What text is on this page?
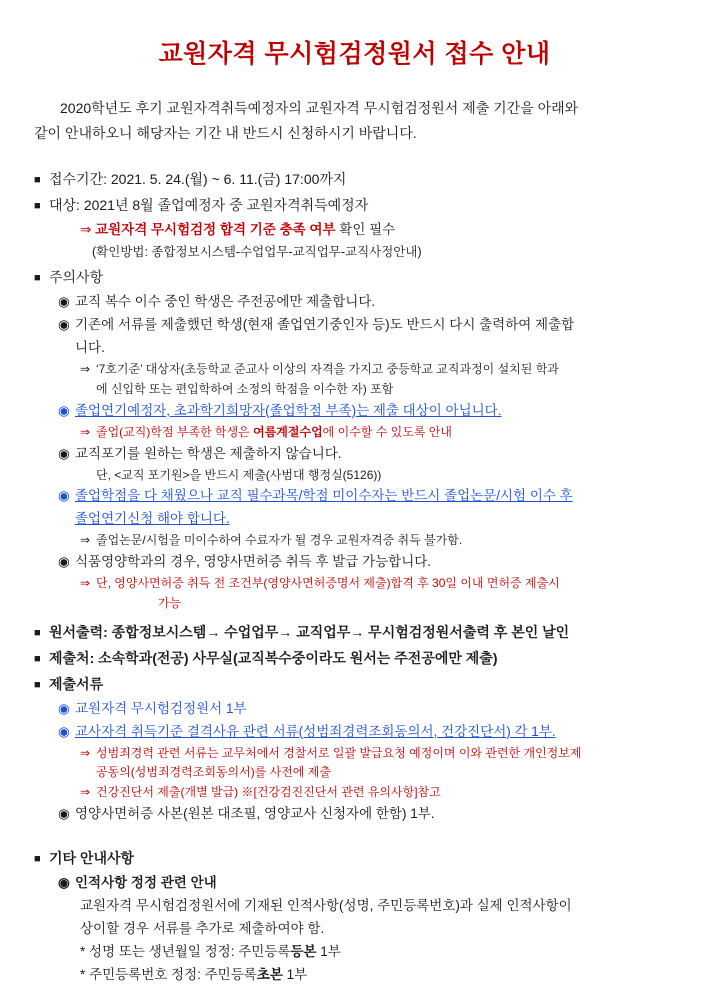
교원자격 무시험검정원서 접수 안내
2020학년도 후기 교원자격취득예정자의 교원자격 무시험검정원서 제출 기간을 아래와
같이 안내하오니 해당자는 기간 내 반드시 신청하시기 바랍니다.
■ 접수기간: 2021. 5. 24.(월) ~ 6. 11.(금) 17:00까지
■ 대상: 2021년 8월 졸업예정자 중 교원자격취득예정자
⇒ 교원자격 무시험검정 합격 기준 충족 여부 확인 필수
(확인방법: 종합정보시스템-수업업무-교직업무-교직사정안내)
■ 주의사항
◉ 교직 복수 이수 중인 학생은 주전공에만 제출합니다.
◉ 기존에 서류를 제출했던 학생(현재 졸업연기중인자 등)도 반드시 다시 출력하여 제출합
니다.
⇒ ‘7호기준’ 대상자(초등학교 준교사 이상의 자격을 가지고 중등학교 교직과정이 설치된 학과
에 신입학 또는 편입학하여 소정의 학점을 이수한 자) 포함
◉ 졸업연기예정자, 초과학기희망자(졸업학점 부족)는 제출 대상이 아닙니다.
⇒ 졸업(교직)학점 부족한 학생은 여름계절수업에 이수할 수 있도록 안내
◉ 교직포기를 원하는 학생은 제출하지 않습니다.
단, <교직 포기원>을 반드시 제출(사범대 행정실(5126))
◉ 졸업학점을 다 채웠으나 교직 필수과목/학점 미이수자는 반드시 졸업논문/시험 이수 후
졸업연기신청 해야 합니다.
⇒ 졸업논문/시험을 미이수하여 수료자가 될 경우 교원자격증 취득 불가함.
◉ 식품영양학과의 경우, 영양사면허증 취득 후 발급 가능합니다.
⇒ 단, 영양사면허증 취득 전 조건부(영양사면허증명서 제출)합격 후 30일 이내 면허증 제출시
가능
■ 원서출력: 종합정보시스템→ 수업업무→ 교직업무→ 무시험검정원서출력 후 본인 날인
■ 제출처: 소속학과(전공) 사무실(교직복수중이라도 원서는 주전공에만 제출)
■ 제출서류
◉ 교원자격 무시험검정원서 1부
◉ 교사자격 취득기준 결격사유 관련 서류(성범죄경력조회동의서, 건강진단서) 각 1부.
⇒ 성범죄경력 관련 서류는 교무처에서 경찰서로 일괄 발급요청 예정이며 이와 관련한 개인정보제
공동의(성범죄경력조회동의서)를 사전에 제출
⇒ 건강진단서 제출(개별 발급) ※[건강검진진단서 관련 유의사항]참고
◉ 영양사면허증 사본(원본 대조필, 영양교사 신청자에 한함) 1부.
■ 기타 안내사항
◉ 인적사항 정정 관련 안내
교원자격 무시험검정원서에 기재된 인적사항(성명, 주민등록번호)과 실제 인적사항이
상이할 경우 서류를 추가로 제출하여야 함.
* 성명 또는 생년월일 정정: 주민등록등본 1부
* 주민등록번호 정정: 주민등록초본 1부
